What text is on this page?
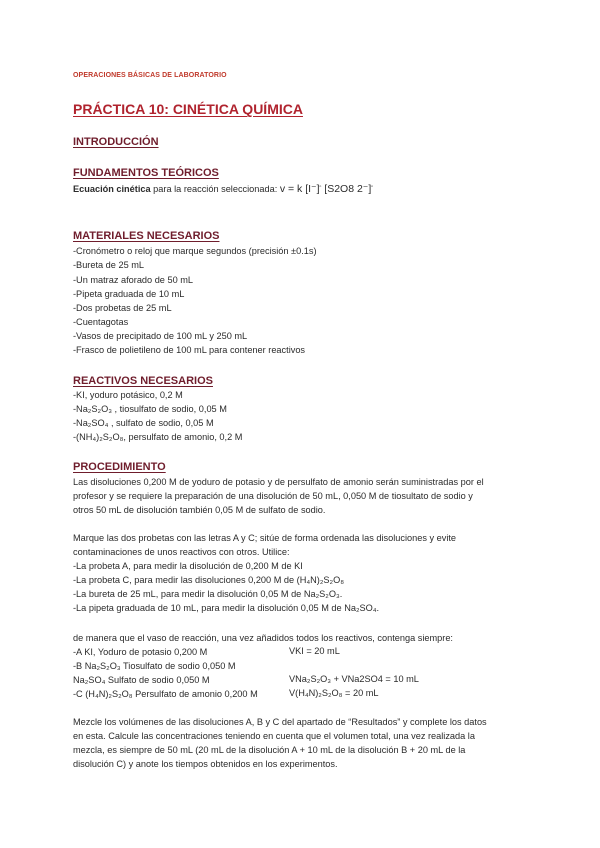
OPERACIONES BÁSICAS DE LABORATORIO
PRÁCTICA 10: CINÉTICA QUÍMICA
INTRODUCCIÓN
FUNDAMENTOS TEÓRICOS
Ecuación cinética para la reacción seleccionada: v = k $[I^-]^{^n}$ [S2O8 2⁻]$^{^n}$
MATERIALES NECESARIOS
-Cronómetro o reloj que marque segundos (precisión ±0.1s)
-Bureta de 25 mL
-Un matraz aforado de 50 mL
-Pipeta graduada de 10 mL
-Dos probetas de 25 mL
-Cuentagotas
-Vasos de precipitado de 100 mL y 250 mL
-Frasco de polietileno de 100 mL para contener reactivos
REACTIVOS NECESARIOS
-KI, yoduro potásico, 0,2 M
-Na₂S₂O₃ , tiosulfato de sodio, 0,05 M
-Na₂SO₄ , sulfato de sodio, 0,05 M
-(NH₄)₂S₂O₈, persulfato de amonio, 0,2 M
PROCEDIMIENTO
Las disoluciones 0,200 M de yoduro de potasio y de persulfato de amonio serán suministradas por el
profesor y se requiere la preparación de una disolución de 50 mL, 0,050 M de tiosultato de sodio y
otros 50 mL de disolución también 0,05 M de sulfato de sodio.
Marque las dos probetas con las letras A y C; sitúe de forma ordenada las disoluciones y evite
contaminaciones de unos reactivos con otros. Utilice:
-La probeta A, para medir la disolución de 0,200 M de KI
-La probeta C, para medir las disoluciones 0,200 M de (H₄N)₂S₂O₈
-La bureta de 25 mL, para medir la disolución 0,05 M de Na₂S₂O₃.
-La pipeta graduada de 10 mL, para medir la disolución 0,05 M de Na₂SO₄.
de manera que el vaso de reacción, una vez añadidos todos los reactivos, contenga siempre:
-A KI, Yoduro de potasio 0,200 M	VKI = 20 mL
-B Na₂S₂O₃ Tiosulfato de sodio 0,050 M
Na₂SO₄ Sulfato de sodio 0,050 M	VNa₂S₂O₃ + VNa2SO4 = 10 mL
-C (H₄N)₂S₂O₈ Persulfato de amonio 0,200 M	V(H₄N)₂S₂O₈ = 20 mL
Mezcle los volúmenes de las disoluciones A, B y C del apartado de “Resultados” y complete los datos
en esta. Calcule las concentraciones teniendo en cuenta que el volumen total, una vez realizada la
mezcla, es siempre de 50 mL (20 mL de la disolución A + 10 mL de la disolución B + 20 mL de la
disolución C) y anote los tiempos obtenidos en los experimentos.
